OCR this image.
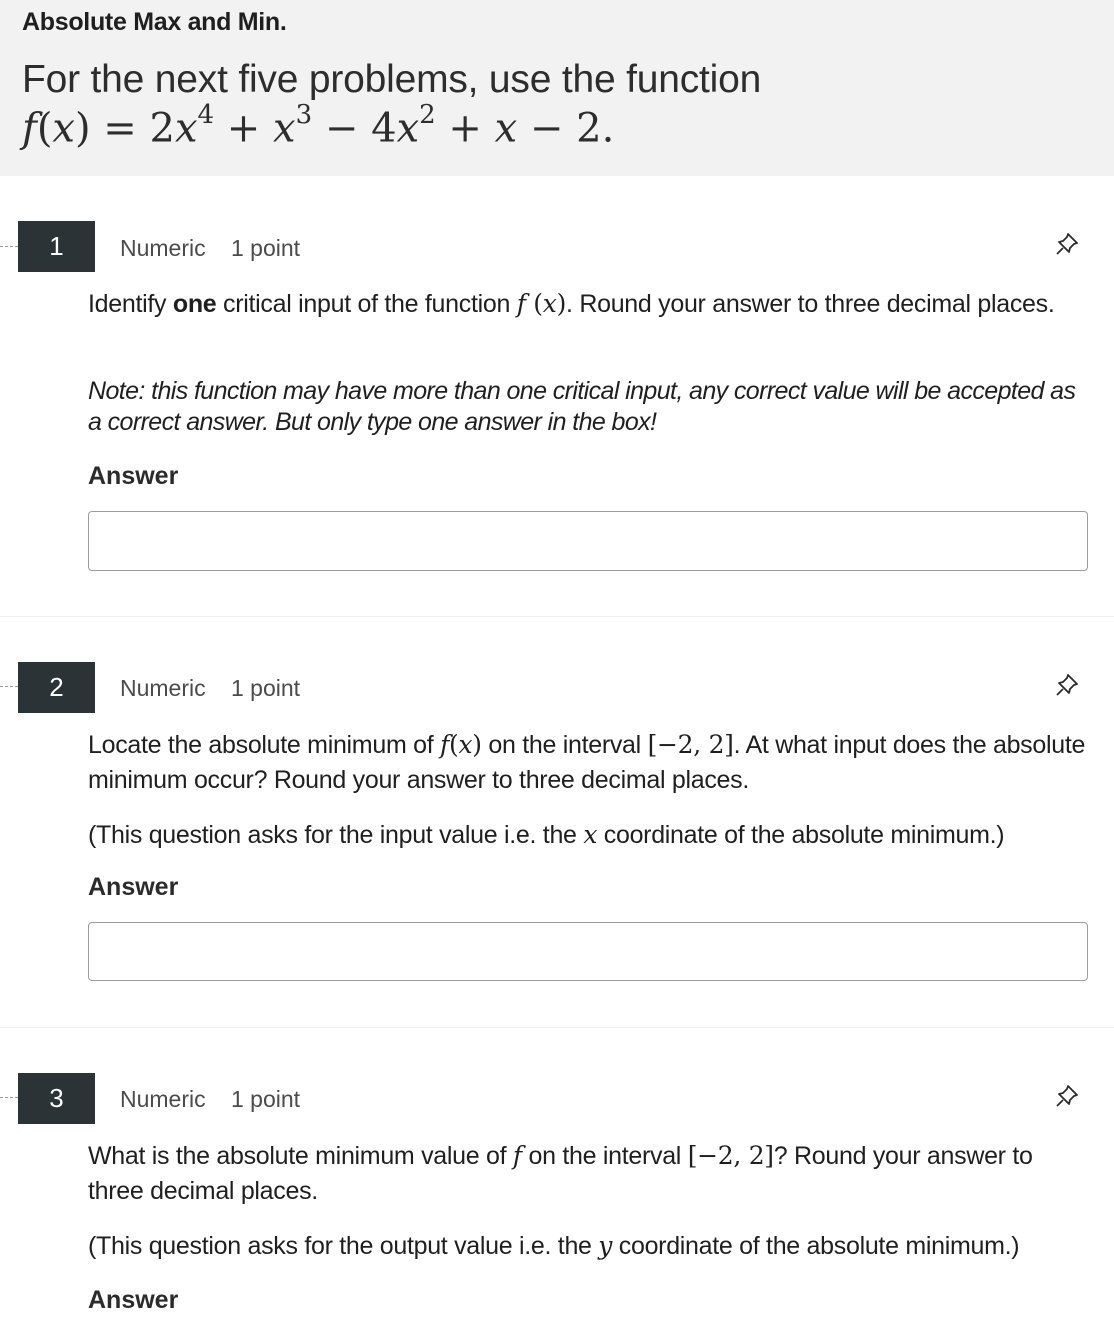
Absolute Max and Min.
For the next five problems, use the function
$f(x) = 2x^4 + x^3 - 4x^2 + x - 2$.
1	Numeric 1 point
Identify one critical input of the function f (x). Round your answer to three decimal places.
Note: this function may have more than one critical input, any correct value will be accepted as a correct answer. But only type one answer in the box!
Answer
2	Numeric 1 point
Locate the absolute minimum of f(x) on the interval [−2, 2]. At what input does the absolute minimum occur? Round your answer to three decimal places.
(This question asks for the input value i.e. the x coordinate of the absolute minimum.)
Answer
3	Numeric 1 point
What is the absolute minimum value of f on the interval [−2, 2]? Round your answer to three decimal places.
(This question asks for the output value i.e. the y coordinate of the absolute minimum.)
Answer
